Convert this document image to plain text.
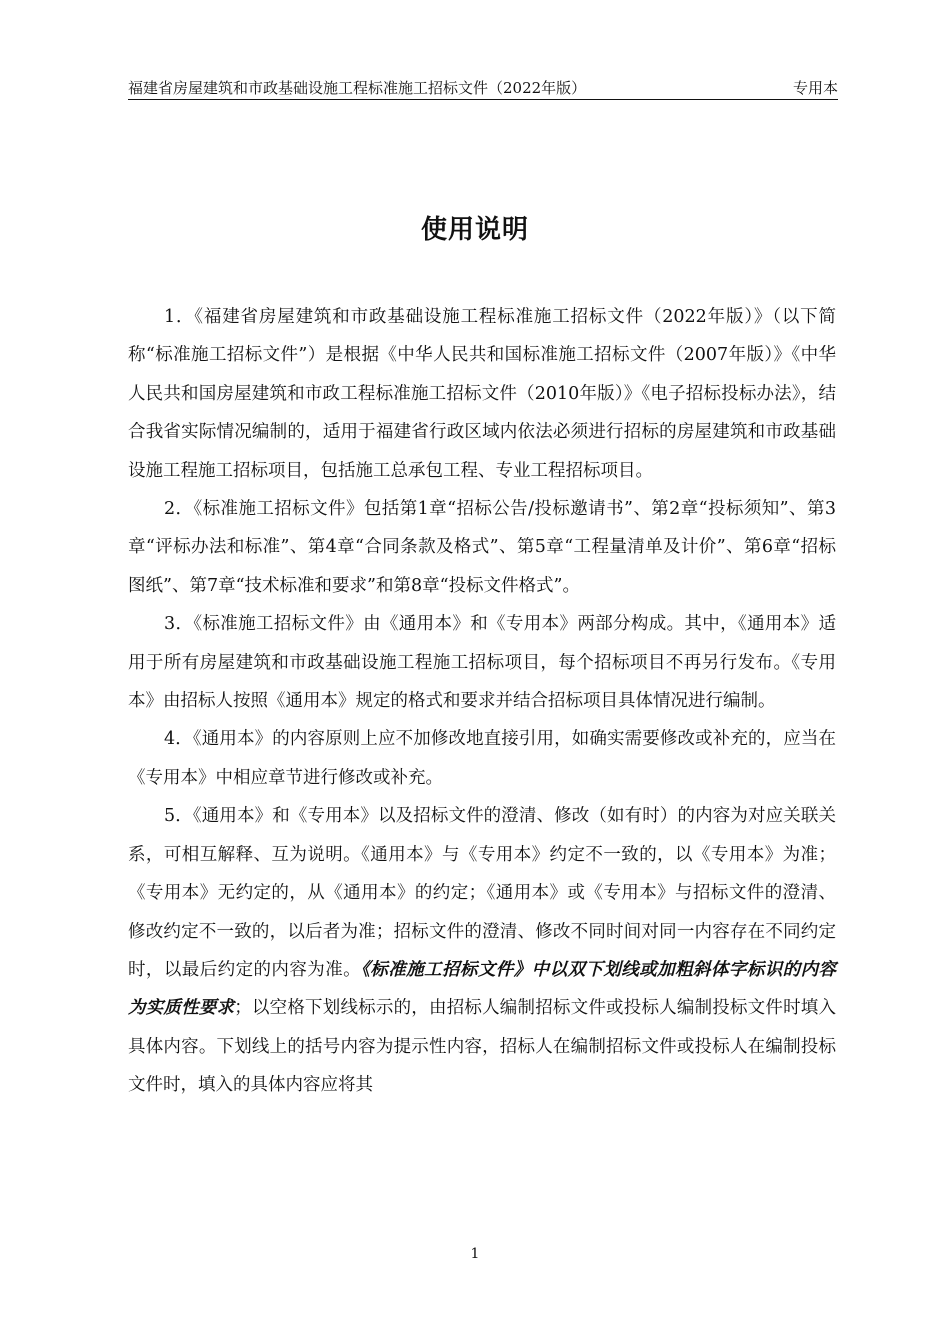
福建省房屋建筑和市政基础设施工程标准施工招标文件（2022年版）	专用本
使用说明

1．《福建省房屋建筑和市政基础设施工程标准施工招标文件（2022年版）》（以下简称“标准施工招标文件”）是根据《中华人民共和国标准施工招标文件（2007年版）》《中华人民共和国房屋建筑和市政工程标准施工招标文件（2010年版）》《电子招标投标办法》，结合我省实际情况编制的，适用于福建省行政区域内依法必须进行招标的房屋建筑和市政基础设施工程施工招标项目，包括施工总承包工程、专业工程招标项目。

2．《标准施工招标文件》包括第1章“招标公告/投标邀请书”、第2章“投标须知”、第3章“评标办法和标准”、第4章“合同条款及格式”、第5章“工程量清单及计价”、第6章“招标图纸”、第7章“技术标准和要求”和第8章“投标文件格式”。

3．《标准施工招标文件》由《通用本》和《专用本》两部分构成。其中，《通用本》适用于所有房屋建筑和市政基础设施工程施工招标项目，每个招标项目不再另行发布。《专用本》由招标人按照《通用本》规定的格式和要求并结合招标项目具体情况进行编制。

4．《通用本》的内容原则上应不加修改地直接引用，如确实需要修改或补充的，应当在《专用本》中相应章节进行修改或补充。

5．《通用本》和《专用本》以及招标文件的澄清、修改（如有时）的内容为对应关联关系，可相互解释、互为说明。《通用本》与《专用本》约定不一致的，以《专用本》为准；《专用本》无约定的，从《通用本》的约定；《通用本》或《专用本》与招标文件的澄清、修改约定不一致的，以后者为准；招标文件的澄清、修改不同时间对同一内容存在不同约定时，以最后约定的内容为准。《标准施工招标文件》中以双下划线或加粗斜体字标识的内容为实质性要求；以空格下划线标示的，由招标人编制招标文件或投标人编制投标文件时填入具体内容。下划线上的括号内容为提示性内容，招标人在编制招标文件或投标人在编制投标文件时，填入的具体内容应将其

1
